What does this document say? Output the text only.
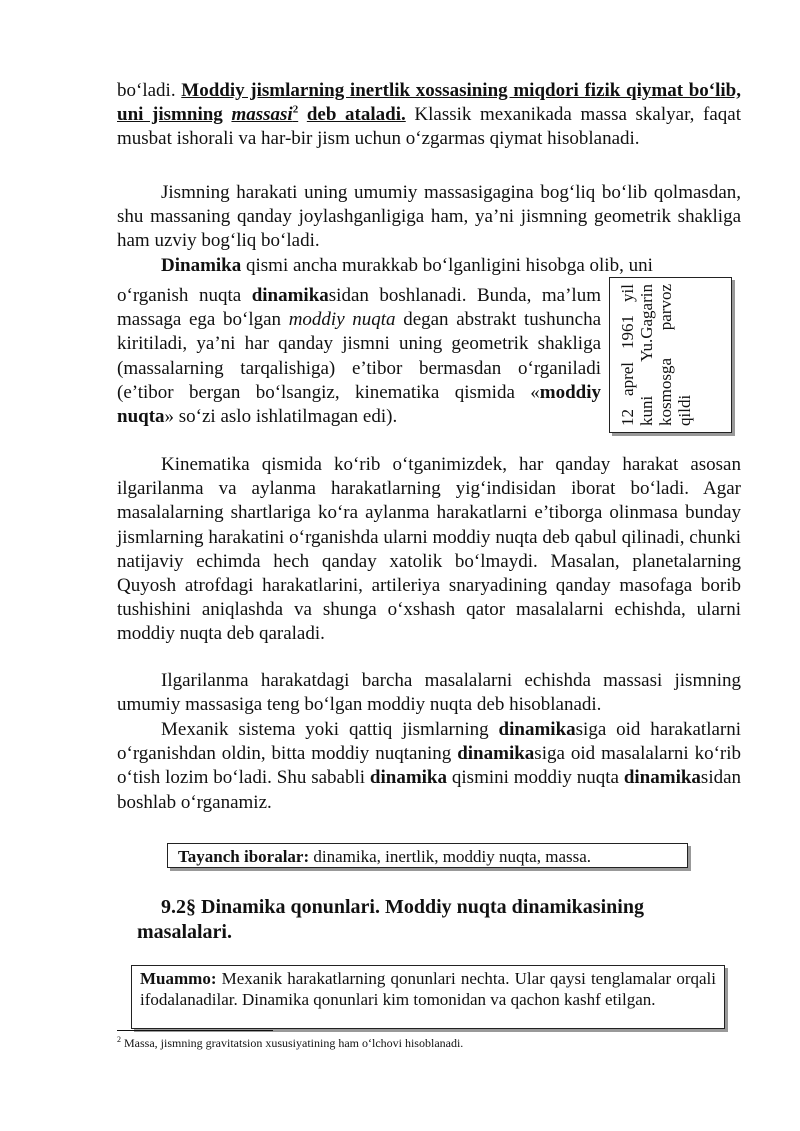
bo‘ladi. Moddiy jismlarning inertlik xossasining miqdori fizik qiymat bo‘lib, uni jismning massasi$^2$ deb ataladi. Klassik mexanikada massa skalyar, faqat musbat ishorali va har-bir jism uchun o‘zgarmas qiymat hisoblanadi.

Jismning harakati uning umumiy massasigagina bog‘liq bo‘lib qolmasdan, shu massaning qanday joylashganligiga ham, ya’ni jismning geometrik shakliga ham uzviy bog‘liq bo‘ladi.

Dinamika qismi ancha murakkab bo‘lganligini hisobga olib, uni

o‘rganish nuqta dinamikasidan boshlanadi. Bunda, ma’lum massaga ega bo‘lgan moddiy nuqta degan abstrakt tushuncha kiritiladi, ya’ni har qanday jismni uning geometrik shakliga (massalarning tarqalishiga) e’tibor bermasdan o‘rganiladi (e’tibor bergan bo‘lsangiz, kinematika qismida «moddiy nuqta» so‘zi aslo ishlatilmagan edi).	12 aprel 1961 yil kuni Yu.Gagarin kosmosga parvoz qildi

Kinematika qismida ko‘rib o‘tganimizdek, har qanday harakat asosan ilgarilanma va aylanma harakatlarning yig‘indisidan iborat bo‘ladi. Agar masalalarning shartlariga ko‘ra aylanma harakatlarni e’tiborga olinmasa bunday jismlarning harakatini o‘rganishda ularni moddiy nuqta deb qabul qilinadi, chunki natijaviy echimda hech qanday xatolik bo‘lmaydi. Masalan, planetalarning Quyosh atrofdagi harakatlarini, artileriya snaryadining qanday masofaga borib tushishini aniqlashda va shunga o‘xshash qator masalalarni echishda, ularni moddiy nuqta deb qaraladi.

Ilgarilanma harakatdagi barcha masalalarni echishda massasi jismning umumiy massasiga teng bo‘lgan moddiy nuqta deb hisoblanadi.

Mexanik sistema yoki qattiq jismlarning dinamikasiga oid harakatlarni o‘rganishdan oldin, bitta moddiy nuqtaning dinamikasiga oid masalalarni ko‘rib o‘tish lozim bo‘ladi. Shu sababli dinamika qismini moddiy nuqta dinamikasidan boshlab o‘rganamiz.

Tayanch iboralar: dinamika, inertlik, moddiy nuqta, massa.
9.2§ Dinamika qonunlari. Moddiy nuqta dinamikasining
masalalari.
Muammo: Mexanik harakatlarning qonunlari nechta. Ular qaysi tenglamalar orqali ifodalanadilar. Dinamika qonunlari kim tomonidan va qachon kashf etilgan.
$^2$ Massa, jismning gravitatsion xususiyatining ham o‘lchovi hisoblanadi.
